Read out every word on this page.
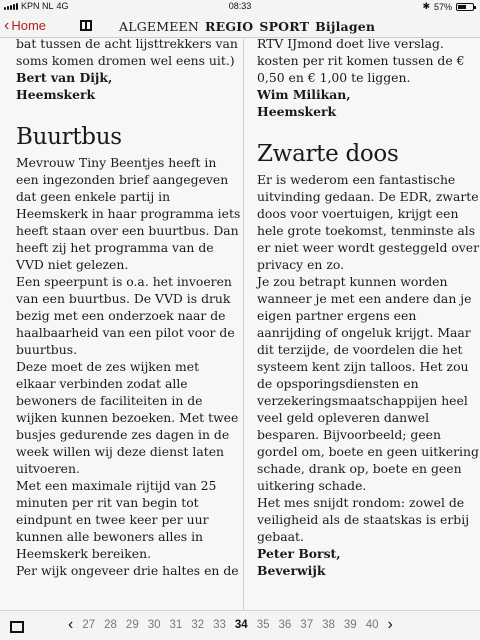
KPN NL 4G	08:33	✱ 57%
‹ Home	ALGEMEEN REGIO SPORT Bijlagen

bat tussen de acht lijsttrekkers van

soms komen dromen wel eens uit.)

Bert van Dijk,

Heemskerk

Buurtbus

Mevrouw Tiny Beentjes heeft in een ingezonden brief aangegeven dat geen enkele partij in Heemskerk in haar programma iets heeft staan over een buurtbus. Dan heeft zij het programma van de VVD niet gelezen.

Een speerpunt is o.a. het invoeren van een buurtbus. De VVD is druk bezig met een onderzoek naar de haalbaarheid van een pilot voor de buurtbus.

Deze moet de zes wijken met elkaar verbinden zodat alle bewoners de faciliteiten in de wijken kunnen bezoeken. Met twee busjes gedurende zes dagen in de week willen wij deze dienst laten uitvoeren.

Met een maximale rijtijd van 25 minuten per rit van begin tot eindpunt en twee keer per uur kunnen alle bewoners alles in Heemskerk bereiken.

Per wijk ongeveer drie haltes en de

RTV IJmond doet live verslag.

kosten per rit komen tussen de € 0,50 en € 1,00 te liggen.

Wim Milikan,

Heemskerk

Zwarte doos

Er is wederom een fantastische uitvinding gedaan. De EDR, zwarte doos voor voertuigen, krijgt een hele grote toekomst, tenminste als er niet weer wordt gesteggeld over privacy en zo.

Je zou betrapt kunnen worden wanneer je met een andere dan je eigen partner ergens een aanrijding of ongeluk krijgt. Maar dit terzijde, de voordelen die het systeem kent zijn talloos. Het zou de opsporingsdiensten en verzekeringsmaatschappijen heel veel geld opleveren danwel besparen. Bijvoorbeeld; geen gordel om, boete en geen uitkering schade, drank op, boete en geen uitkering schade.

Het mes snijdt rondom: zowel de veiligheid als de staatskas is erbij gebaat.

Peter Borst,

Beverwijk

‹ 27 28 29 30 31 32 33 34 35 36 37 38 39 40 ›
